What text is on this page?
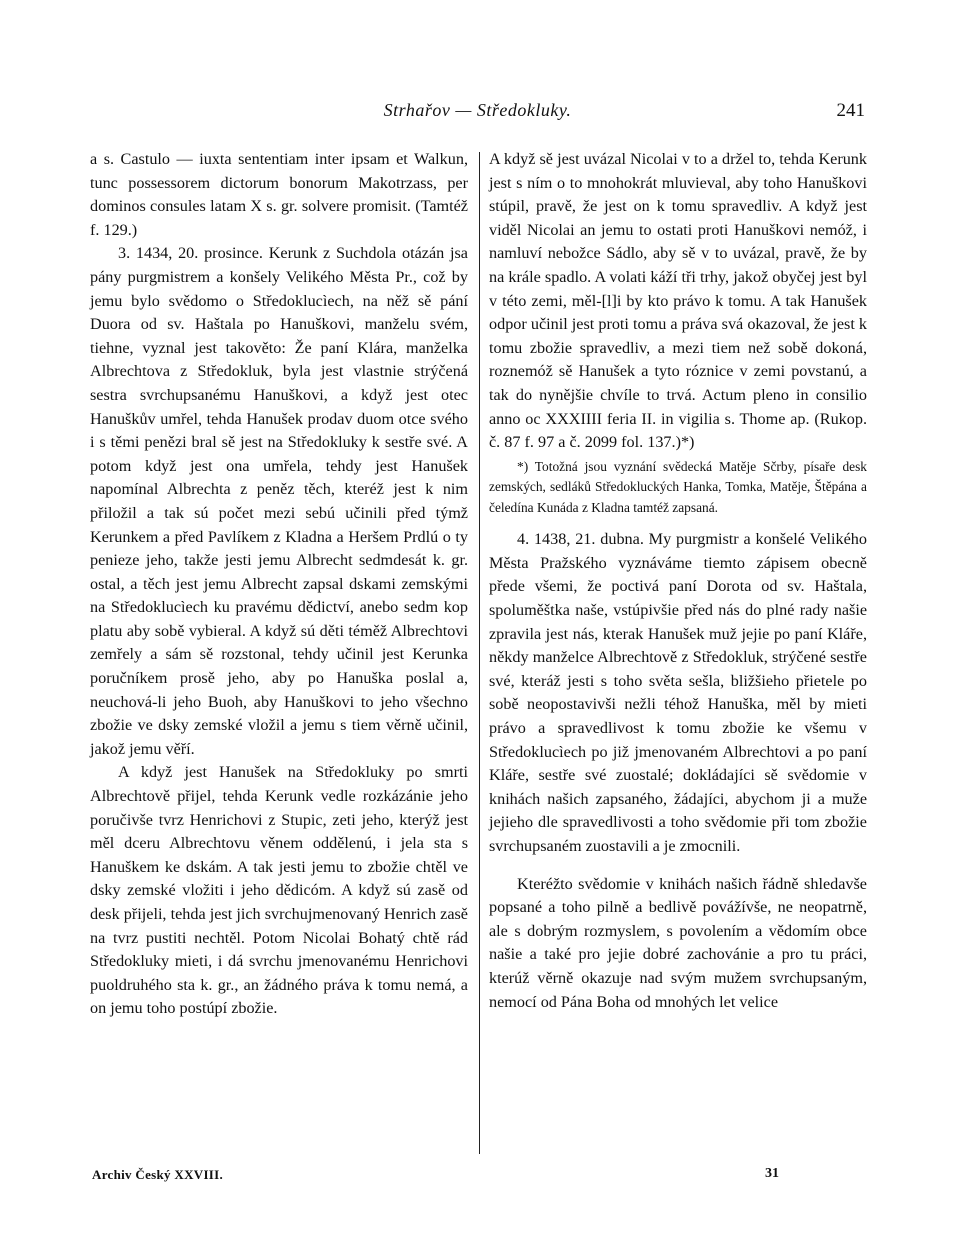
Strhařov — Středokluky.	241

a s. Castulo — iuxta sententiam inter ipsam et Walkun, tunc possessorem dictorum bonorum Makotrzass, per dominos consules latam X s. gr. solvere promisit. (Tamtéž f. 129.)

3. 1434, 20. prosince. Kerunk z Suchdola otázán jsa pány purgmistrem a konšely Velikého Města Pr., což by jemu bylo svědomo o Středoklucìech, na něž sě pání Duora od sv. Haštala po Hanuškovi, manželu svém, tiehne, vyznal jest takověto: Že paní Klára, manželka Albrechtova z Středokluk, byla jest vlastnie strýčená sestra svrchupsanému Hanuškovi, a když jest otec Hanuškův umřel, tehda Hanušek prodav duom otce svého i s těmi penězi bral sě jest na Středokluky k sestře své. A potom když jest ona umřela, tehdy jest Hanušek napomínal Albrechta z peněz těch, kteréž jest k nim přiložil a tak sú počet mezi sebú učinili před týmž Kerunkem a před Pavlíkem z Kladna a Heršem Prdlú o ty penieze jeho, takže jesti jemu Albrecht sedmdesát k. gr. ostal, a těch jest jemu Albrecht zapsal dskami zemskými na Středoklucìech ku pravému dědictví, anebo sedm kop platu aby sobě vybieral. A když sú děti téměž Albrechtovi zemřely a sám sě rozstonal, tehdy učinil jest Kerunka poručníkem prosě jeho, aby po Hanuška poslal a, neuchová-li jeho Buoh, aby Hanuškovi to jeho všechno zbožie ve dsky zemské vložil a jemu s tiem věrně učinil, jakož jemu věří.

A když jest Hanušek na Středokluky po smrti Albrechtově přijel, tehda Kerunk vedle rozkázánie jeho poručivše tvrz Henrichovi z Stupic, zeti jeho, kterýž jest měl dceru Albrechtovu věnem oddělenú, i jela sta s Hanuškem ke dskám. A tak jesti jemu to zbožie chtěl ve dsky zemské vložiti i jeho dědicóm. A když sú zasě od desk přijeli, tehda jest jich svrchujmenovaný Henrich zasě na tvrz pustiti nechtěl. Potom Nicolai Bohatý chtě rád Středokluky mieti, i dá svrchu jmenovanému Henrichovi puoldruhého sta k. gr., an žádného práva k tomu nemá, a on jemu toho postúpí zbožie.

A když sě jest uvázal Nicolai v to a držel to, tehda Kerunk jest s ním o to mnohokrát mluvieval, aby toho Hanuškovi stúpil, pravě, že jest on k tomu spravedliv. A když jest viděl Nicolai an jemu to ostati proti Hanuškovi nemóž, i namluví nebožce Sádlo, aby sě v to uvázal, pravě, že by na krále spadlo. A volati káží tři trhy, jakož obyčej jest byl v této zemi, měl-[l]i by kto právo k tomu. A tak Hanušek odpor učinil jest proti tomu a práva svá okazoval, že jest k tomu zbožie spravedliv, a mezi tiem než sobě dokoná, roznemóž sě Hanušek a tyto róznice v zemi povstanú, a tak do nynějšie chvíle to trvá. Actum pleno in consilio anno oc XXXIIII feria II. in vigilia s. Thome ap. (Rukop. č. 87 f. 97 a č. 2099 fol. 137.)*)

*) Totožná jsou vyznání svědecká Matěje Sčrby, písaře desk zemských, sedláků Středokluckých Hanka, Tomka, Matěje, Štěpána a čeledína Kunáda z Kladna tamtéž zapsaná.

4. 1438, 21. dubna. My purgmistr a konšelé Velikého Města Pražského vyznáváme tiemto zápisem obecně přede všemi, že poctivá paní Dorota od sv. Haštala, spoluměštka naše, vstúpivšie před nás do plné rady našie zpravila jest nás, kterak Hanušek muž jejie po paní Kláře, někdy manželce Albrechtově z Středokluk, strýčené sestře své, kteráž jesti s toho světa sešla, bližšieho přietele po sobě neopostavivši nežli téhož Hanuška, měl by mieti právo a spravedlivost k tomu zbožie ke všemu v Středoklucìech po již jmenovaném Albrechtovi a po paní Kláře, sestře své zuostalé; dokládajíci sě svědomie v knihách našich zapsaného, žádajíci, abychom ji a muže jejieho dle spravedlivosti a toho svědomie při tom zbožie svrchupsaném zuostavili a je zmocnili.

Kteréžto svědomie v knihách našich řádně shledavše popsané a toho pilně a bedlivě povážívše, ne neopatrně, ale s dobrým rozmyslem, s povolením a vědomím obce našie a také pro jejie dobré zachovánie a pro tu práci, kterúž věrně okazuje nad svým mužem svrchupsaným, nemocí od Pána Boha od mnohých let velice

Archiv Český XXVIII.	31
